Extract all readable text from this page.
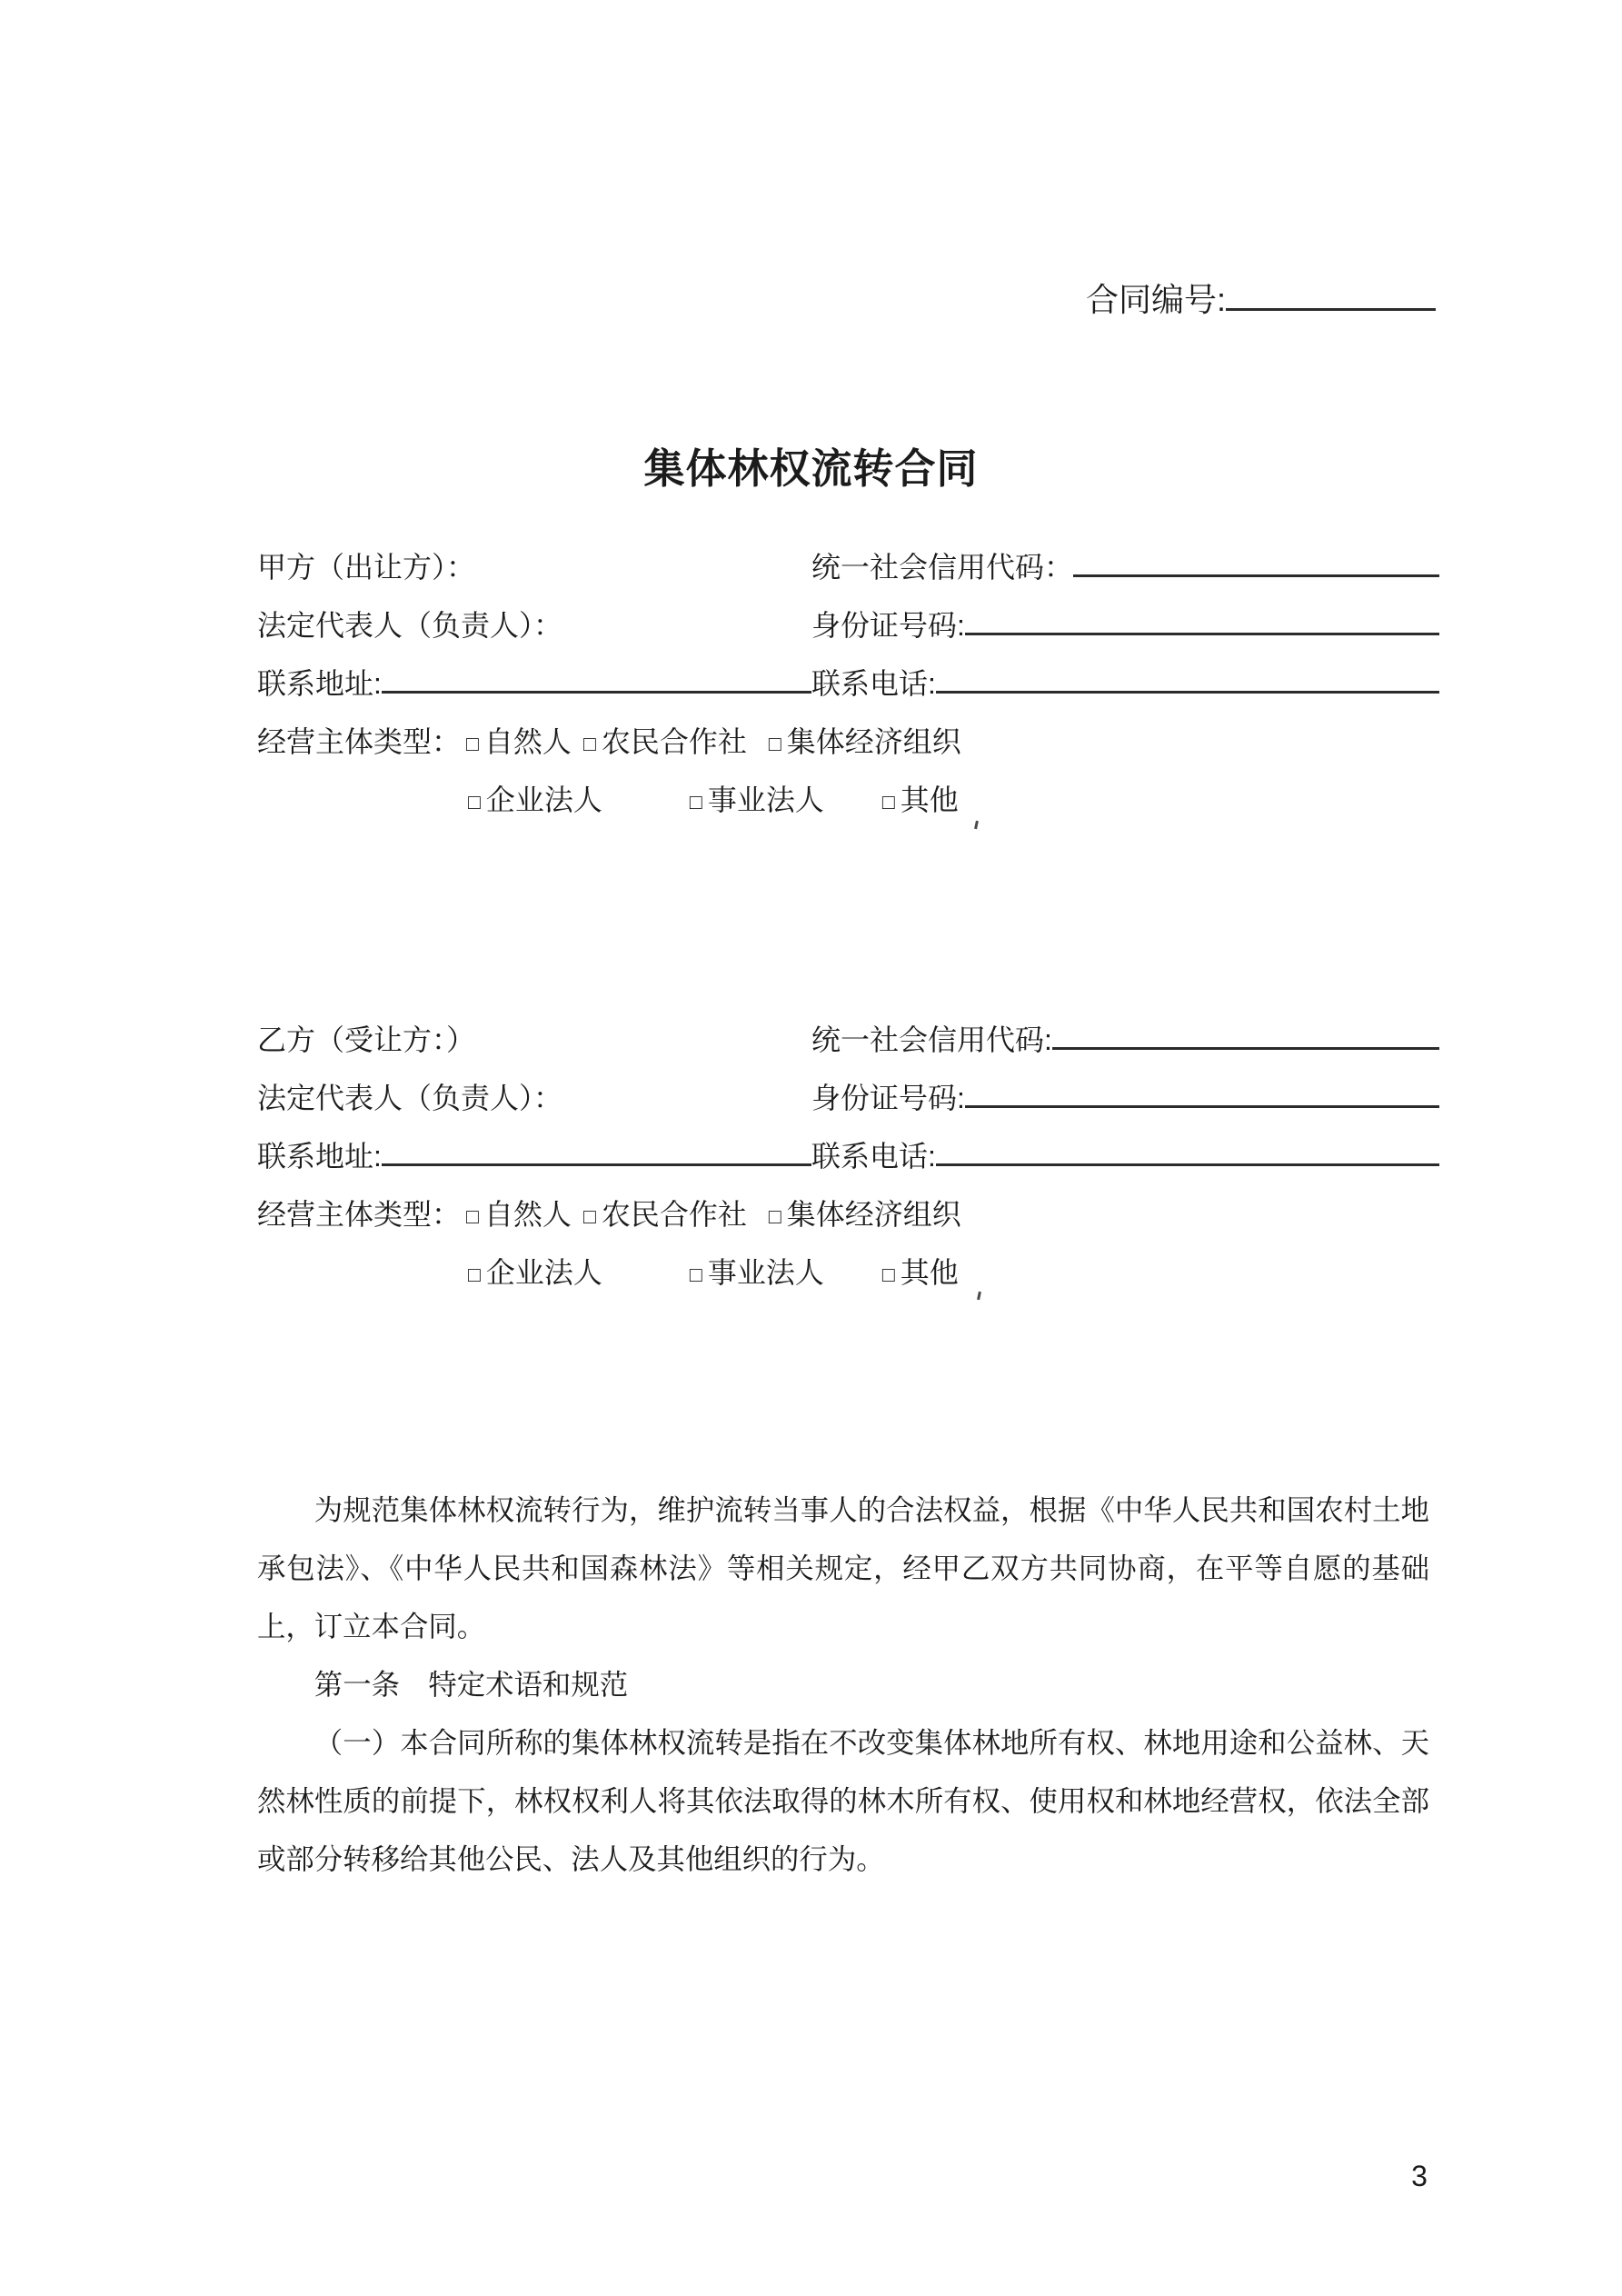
合同编号:
集体林权流转合同
甲方（出让方）：	统一社会信用代码：
法定代表人（负责人）：	身份证号码:
联系地址:	联系电话:
经营主体类型： □ 自然人 □ 农民合作社 □ 集体经济组织
□ 企业法人	□ 事业法人	□ 其他
乙方（受让方：）	统一社会信用代码:
法定代表人（负责人）：	身份证号码:
联系地址:	联系电话:
经营主体类型： □ 自然人 □ 农民合作社 □ 集体经济组织
□ 企业法人	□ 事业法人	□ 其他

为规范集体林权流转行为，维护流转当事人的合法权益，根据《中华人民共和国农村土地承包法》、《中华人民共和国森林法》等相关规定，经甲乙双方共同协商，在平等自愿的基础上，订立本合同。

第一条　特定术语和规范

（一）本合同所称的集体林权流转是指在不改变集体林地所有权、林地用途和公益林、天然林性质的前提下，林权权利人将其依法取得的林木所有权、使用权和林地经营权，依法全部或部分转移给其他公民、法人及其他组织的行为。

3
